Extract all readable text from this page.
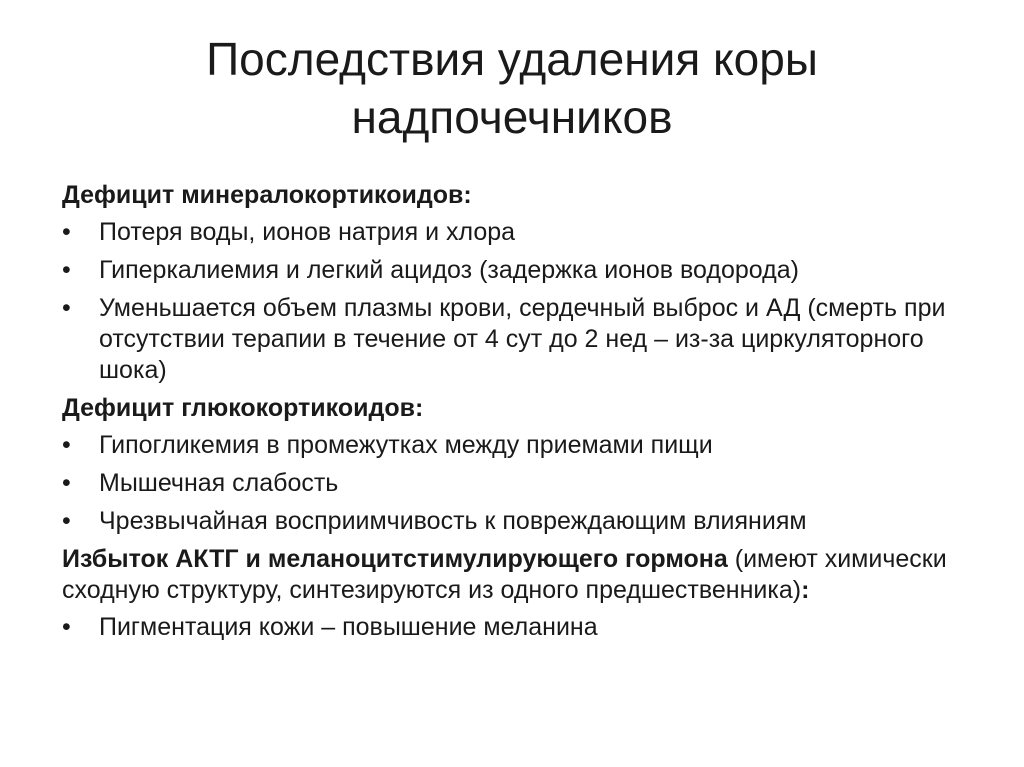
Последствия удаления коры
надпочечников
Дефицит минералокортикоидов:
•	Потеря воды, ионов натрия и хлора
•	Гиперкалиемия и легкий ацидоз (задержка ионов водорода)
•	Уменьшается объем плазмы крови, сердечный выброс и АД (смерть при отсутствии терапии в течение от 4 сут до 2 нед – из-за циркуляторного шока)
Дефицит глюкокортикоидов:
•	Гипогликемия в промежутках между приемами пищи
•	Мышечная слабость
•	Чрезвычайная восприимчивость к повреждающим влияниям
Избыток АКТГ и меланоцитстимулирующего гормона (имеют химически сходную структуру, синтезируются из одного предшественника):
•	Пигментация кожи – повышение меланина
